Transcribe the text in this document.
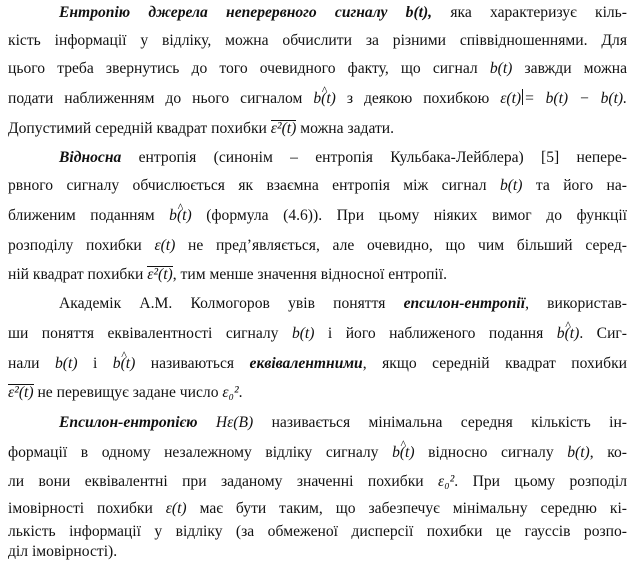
Ентропію джерела неперервного сигналу b(t), яка характеризує кіль-
кість інформації у відліку, можна обчислити за різними співвідношеннями. Для
цього треба звернутись до того очевидного факту, що сигнал b(t) завжди можна
подати наближенням до нього сигналом ^ b(t) з деякою похибкою ε(t) = b(t) − b(t).
Допустимий середній квадрат похибки ε²(t) можна задати.
Відносна ентропія (синонім – ентропія Кульбака-Лейблера) [5] непере-
рвного сигналу обчислюється як взаємна ентропія між сигнал b(t) та його на-
ближеним поданням ^ b(t) (формула (4.6)). При цьому ніяких вимог до функції
розподілу похибки ε(t) не пред’являється, але очевидно, що чим більший серед-
ній квадрат похибки ε²(t), тим менше значення відносної ентропії.
Академік А.М. Колмогоров увів поняття епсилон-ентропії, використав-
ши поняття еквівалентності сигналу b(t) і його наближеного подання ^ b(t). Сиг-
нали b(t) і ^ b(t) називаються еквівалентними, якщо середній квадрат похибки
ε²(t) не перевищує задане число ε₀².
Епсилон-ентропією Hε(B) називається мінімальна середня кількість ін-
формації в одному незалежному відліку сигналу ^ b(t) відносно сигналу b(t), ко-
ли вони еквівалентні при заданому значенні похибки ε₀². При цьому розподіл
імовірності похибки ε(t) має бути таким, що забезпечує мінімальну середню кі-
лькість інформації у відліку (за обмеженої дисперсії похибки це гауссів розпо-
діл імовірності).
